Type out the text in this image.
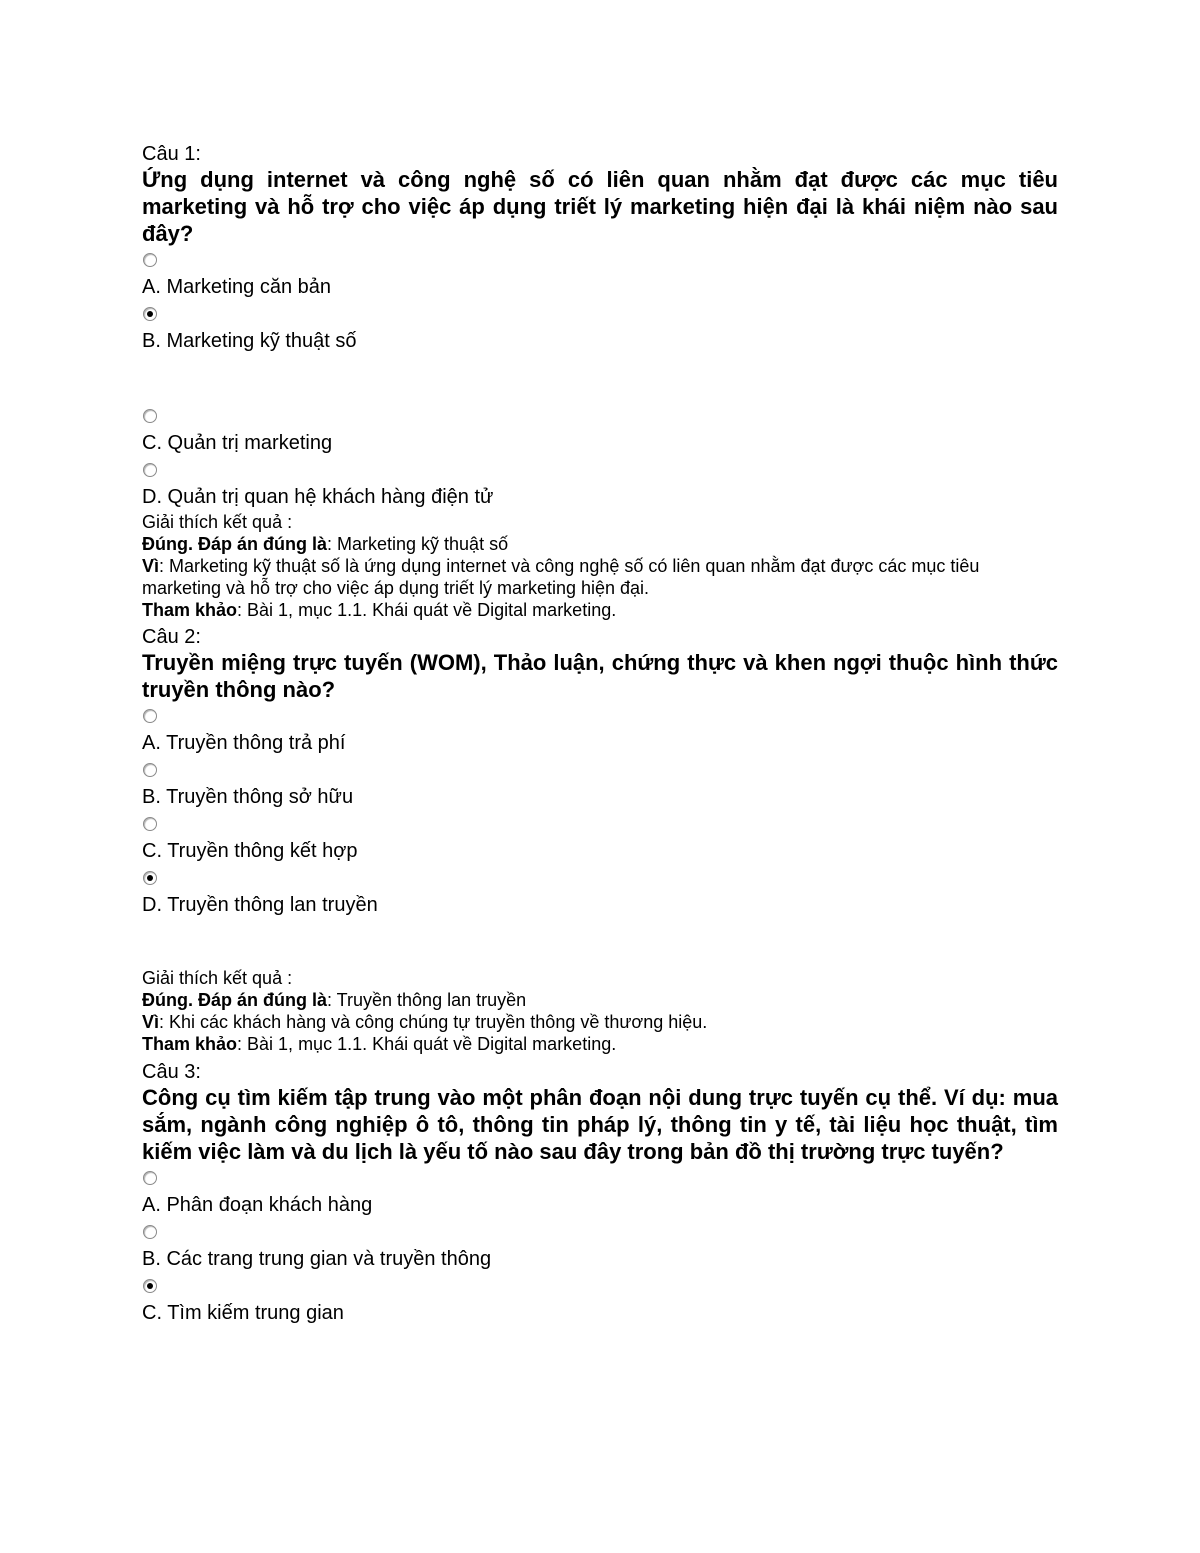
Câu 1:
Ứng dụng internet và công nghệ số có liên quan nhằm đạt được các mục tiêu marketing và hỗ trợ cho việc áp dụng triết lý marketing hiện đại là khái niệm nào sau đây?
A. Marketing căn bản
B. Marketing kỹ thuật số
C. Quản trị marketing
D. Quản trị quan hệ khách hàng điện tử
Giải thích kết quả :
Đúng. Đáp án đúng là: Marketing kỹ thuật số
Vì: Marketing kỹ thuật số là ứng dụng internet và công nghệ số có liên quan nhằm đạt được các mục tiêu marketing và hỗ trợ cho việc áp dụng triết lý marketing hiện đại.
Tham khảo: Bài 1, mục 1.1. Khái quát về Digital marketing.
Câu 2:
Truyền miệng trực tuyến (WOM), Thảo luận, chứng thực và khen ngợi thuộc hình thức truyền thông nào?
A. Truyền thông trả phí
B. Truyền thông sở hữu
C. Truyền thông kết hợp
D. Truyền thông lan truyền
Giải thích kết quả :
Đúng. Đáp án đúng là: Truyền thông lan truyền
Vì: Khi các khách hàng và công chúng tự truyền thông về thương hiệu.
Tham khảo: Bài 1, mục 1.1. Khái quát về Digital marketing.
Câu 3:
Công cụ tìm kiếm tập trung vào một phân đoạn nội dung trực tuyến cụ thể. Ví dụ: mua sắm, ngành công nghiệp ô tô, thông tin pháp lý, thông tin y tế, tài liệu học thuật, tìm kiếm việc làm và du lịch là yếu tố nào sau đây trong bản đồ thị trường trực tuyến?
A. Phân đoạn khách hàng
B. Các trang trung gian và truyền thông
C. Tìm kiếm trung gian
